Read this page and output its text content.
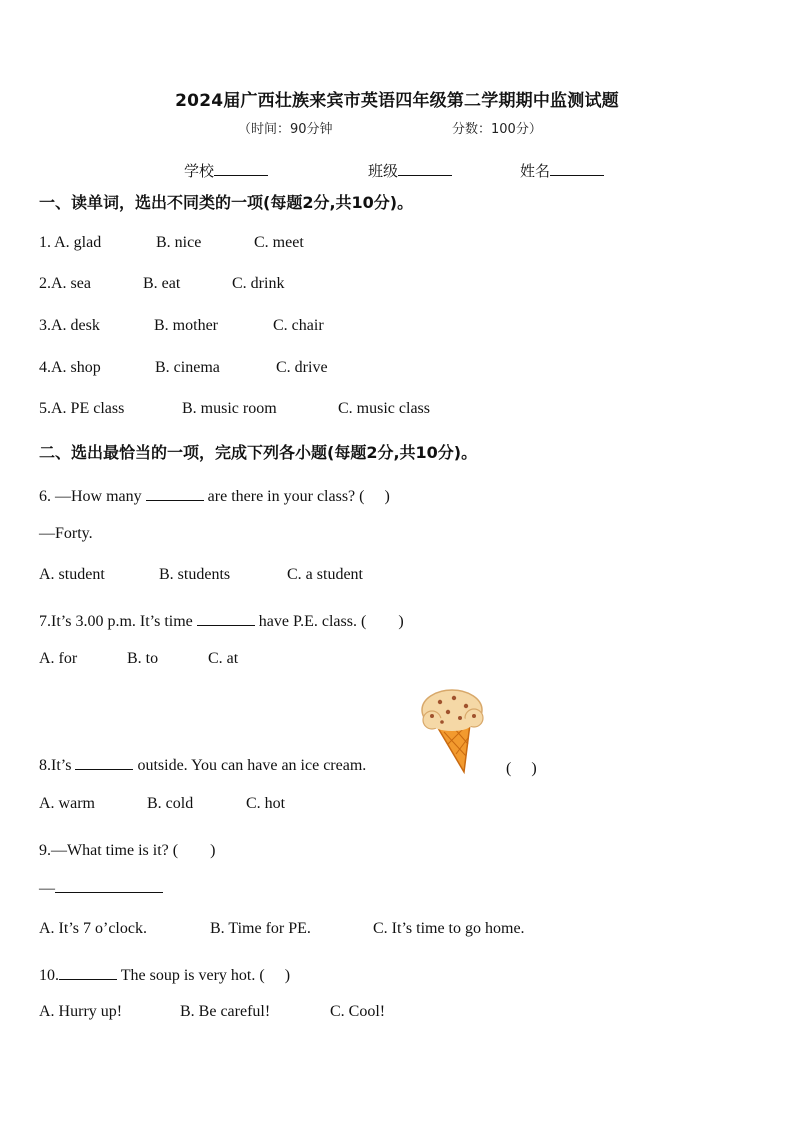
2024届广西壮族来宾市英语四年级第二学期期中监测试题
（时间：90分钟	分数：100分）
学校	班级	姓名
一、读单词，选出不同类的一项(每题2分,共10分)。
1. A. glad	B. nice	C. meet
2.A. sea	B. eat	C. drink
3.A. desk	B. mother	C. chair
4.A. shop	B. cinema	C. drive
5.A. PE class	B. music room	C. music class
二、选出最恰当的一项，完成下列各小题(每题2分,共10分)。
6. —How many	are there in your class? (　 )
—Forty.
A. student	B. students	C. a student
7.It’s 3.00 p.m. It’s time	have P.E. class. (　　)
A. for	B. to	C. at
8.It’s	outside. You can have an ice cream.	(　 )
A. warm	B. cold	C. hot
9.—What time is it? (　　)
—
A. It’s 7 o’clock.	B. Time for PE.	C. It’s time to go home.
10.	The soup is very hot. (　 )
A. Hurry up!	B. Be careful!	C. Cool!
